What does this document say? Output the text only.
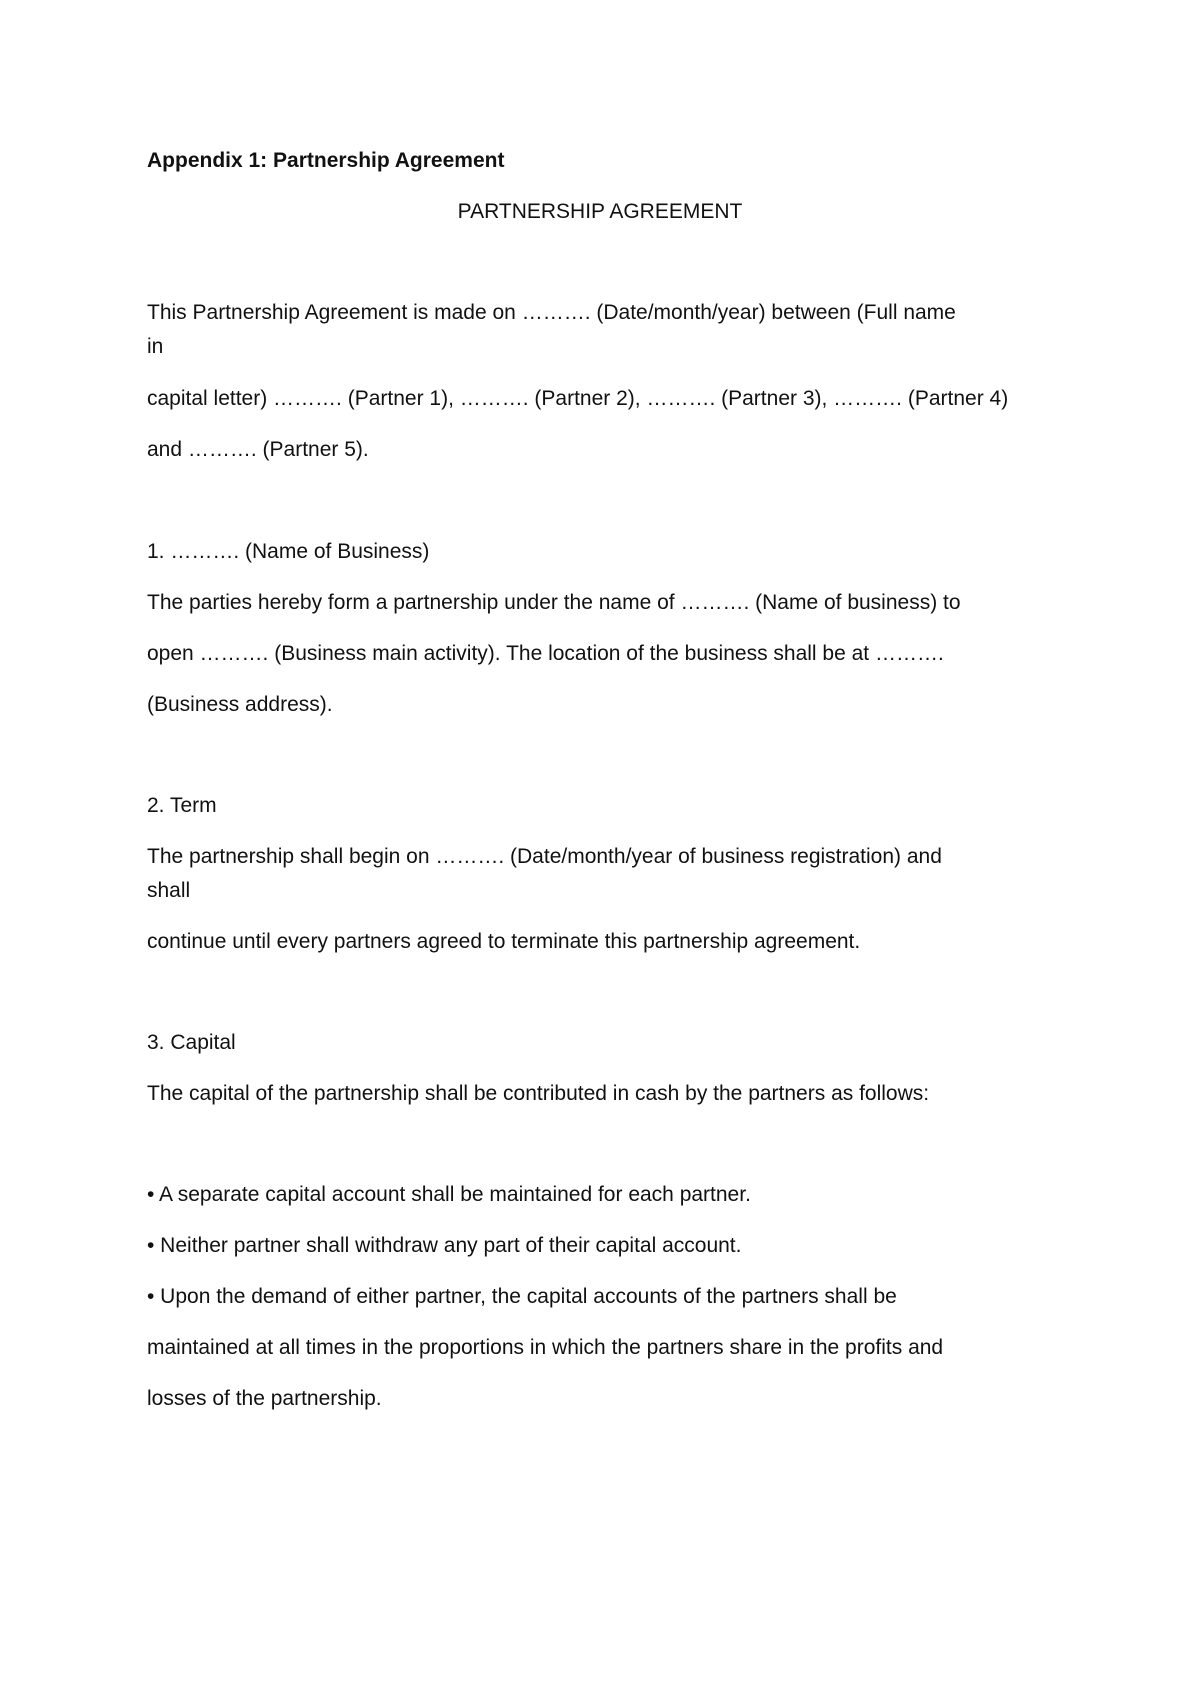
Appendix 1: Partnership Agreement
PARTNERSHIP AGREEMENT
This Partnership Agreement is made on ………. (Date/month/year) between (Full name
in
capital letter) ………. (Partner 1), ………. (Partner 2), ………. (Partner 3), ………. (Partner 4)
and ………. (Partner 5).
1. ………. (Name of Business)
The parties hereby form a partnership under the name of ………. (Name of business) to
open ………. (Business main activity). The location of the business shall be at ……….
(Business address).
2. Term
The partnership shall begin on ………. (Date/month/year of business registration) and
shall
continue until every partners agreed to terminate this partnership agreement.
3. Capital
The capital of the partnership shall be contributed in cash by the partners as follows:
• A separate capital account shall be maintained for each partner.
• Neither partner shall withdraw any part of their capital account.
• Upon the demand of either partner, the capital accounts of the partners shall be
maintained at all times in the proportions in which the partners share in the profits and
losses of the partnership.
